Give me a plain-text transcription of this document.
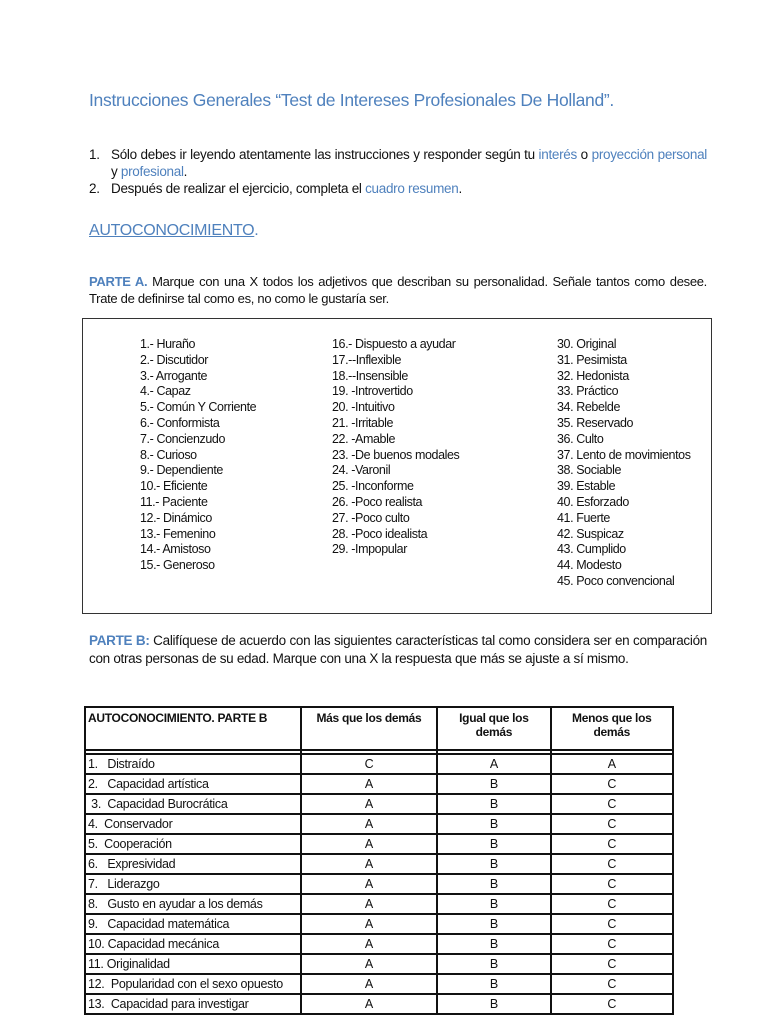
Instrucciones Generales “Test de Intereses Profesionales De Holland”.
1. Sólo debes ir leyendo atentamente las instrucciones y responder según tu interés o proyección personal y profesional.
2. Después de realizar el ejercicio, completa el cuadro resumen.
AUTOCONOCIMIENTO.

PARTE A. Marque con una X todos los adjetivos que describan su personalidad. Señale tantos como desee. Trate de definirse tal como es, no como le gustaría ser.

1.- Huraño
2.- Discutidor
3.- Arrogante
4.- Capaz
5.- Común Y Corriente
6.- Conformista
7.- Concienzudo
8.- Curioso
9.- Dependiente
10.- Eficiente
11.- Paciente
12.- Dinámico
13.- Femenino
14.- Amistoso
15.- Generoso
16.- Dispuesto a ayudar
17.--Inflexible
18.--Insensible
19. -Introvertido
20. -Intuitivo
21. -Irritable
22. -Amable
23. -De buenos modales
24. -Varonil
25. -Inconforme
26. -Poco realista
27. -Poco culto
28. -Poco idealista
29. -Impopular
30. Original
31. Pesimista
32. Hedonista
33. Práctico
34. Rebelde
35. Reservado
36. Culto
37. Lento de movimientos
38. Sociable
39. Estable
40. Esforzado
41. Fuerte
42. Suspicaz
43. Cumplido
44. Modesto
45. Poco convencional

PARTE B: Califíquese de acuerdo con las siguientes características tal como considera ser en comparación con otras personas de su edad. Marque con una X la respuesta que más se ajuste a sí mismo.

AUTOCONOCIMIENTO. PARTE B	Más que los demás	Igual que los demás	Menos que los demás

1.   Distraído	C	A	A
2.   Capacidad artística	A	B	C
3.  Capacidad Burocrática	A	B	C
4.  Conservador	A	B	C
5.  Cooperación	A	B	C
6.   Expresividad	A	B	C
7.   Liderazgo	A	B	C
8.   Gusto en ayudar a los demás	A	B	C
9.   Capacidad matemática	A	B	C
10. Capacidad mecánica	A	B	C
11. Originalidad	A	B	C
12.  Popularidad con el sexo opuesto	A	B	C
13.  Capacidad para investigar	A	B	C
